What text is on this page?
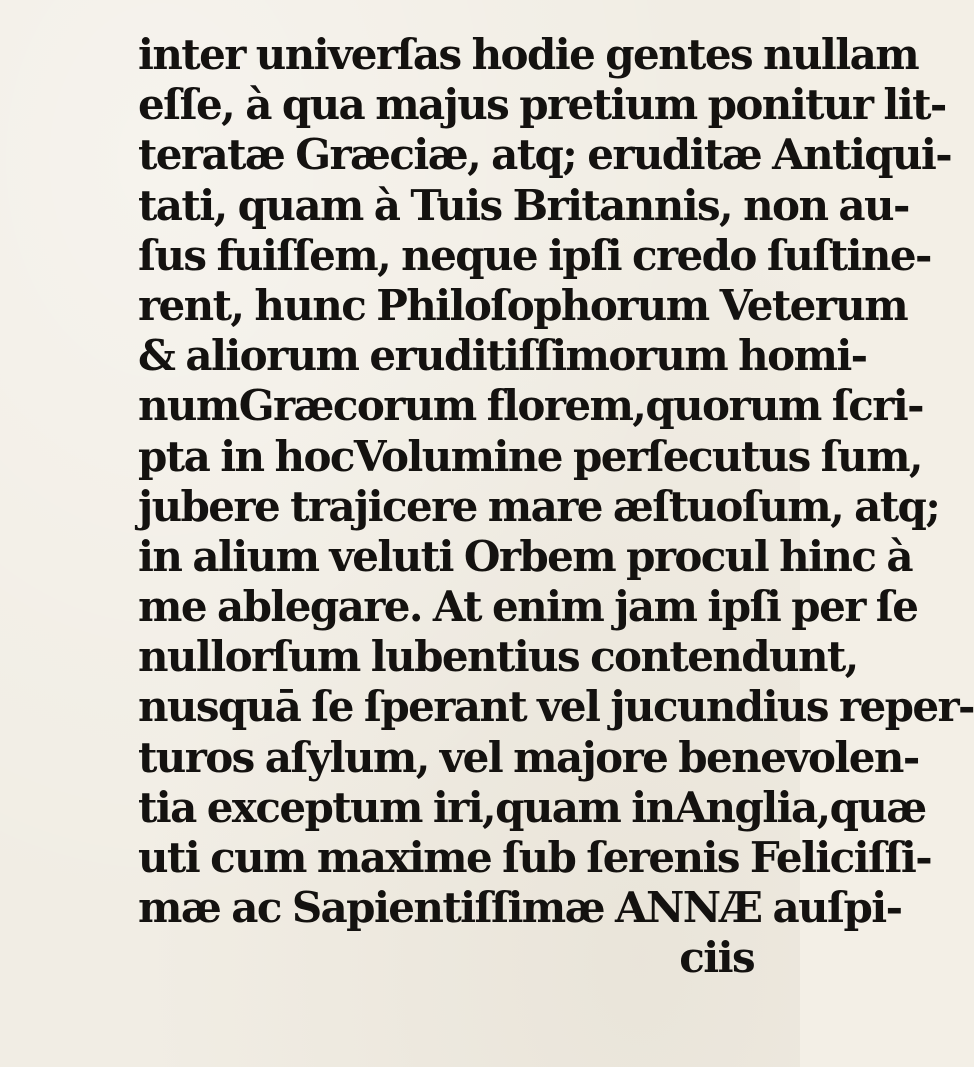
inter univerſas hodie gentes nullam
eſſe, à qua majus pretium ponitur lit-
teratæ Græciæ, atq; eruditæ Antiqui-
tati, quam à Tuis Britannis, non au-
ſus fuiſſem, neque ipſi credo ſuſtine-
rent, hunc Philoſophorum Veterum
& aliorum eruditiſſimorum homi-
numGræcorum florem,quorum ſcri-
pta in hocVolumine perſecutus ſum,
jubere trajicere mare æſtuoſum, atq;
in alium veluti Orbem procul hinc à
me ablegare. At enim jam ipſi per ſe
nullorſum lubentius contendunt,
nusquā ſe ſperant vel jucundius reper-
turos aſylum, vel majore benevolen-
tia exceptum iri,quam inAnglia,quæ
uti cum maxime ſub ſerenis Feliciſſi-
mæ ac Sapientiſſimæ ANNÆ auſpi-
ciis
